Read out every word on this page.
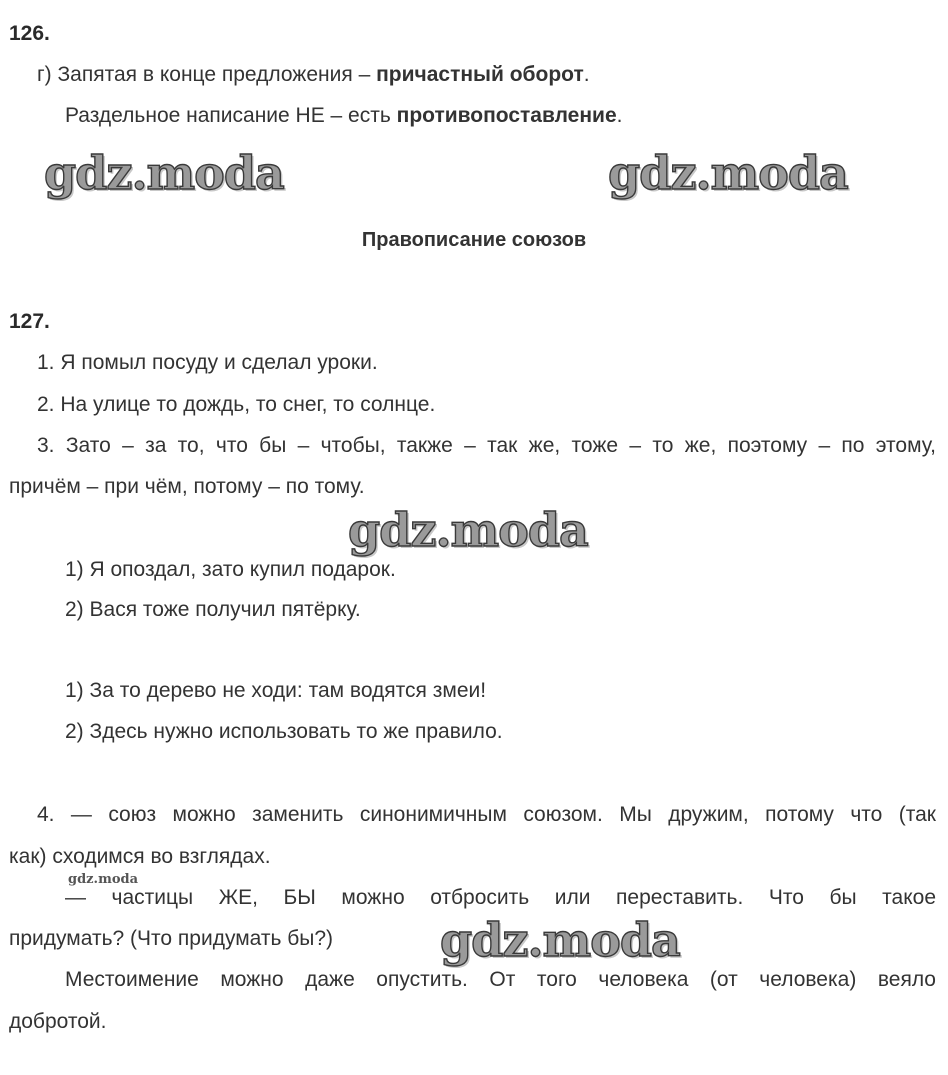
126.
г) Запятая в конце предложения – причастный оборот.
Раздельное написание НЕ – есть противопоставление.
gdz.moda	gdz.moda
Правописание союзов
127.
1. Я помыл посуду и сделал уроки.
2. На улице то дождь, то снег, то солнце.
3. Зато – за то, что бы – чтобы, также – так же, тоже – то же, поэтому – по этому,
причём – при чём, потому – по тому.
gdz.moda
1) Я опоздал, зато купил подарок.
2) Вася тоже получил пятёрку.
1) За то дерево не ходи: там водятся змеи!
2) Здесь нужно использовать то же правило.
4. — союз можно заменить синонимичным союзом. Мы дружим, потому что (так
как) сходимся во взглядах.
gdz.moda
— частицы ЖЕ, БЫ можно отбросить или переставить. Что бы такое
придумать? (Что придумать бы?) gdz.moda
Местоимение можно даже опустить. От того человека (от человека) веяло
добротой.
